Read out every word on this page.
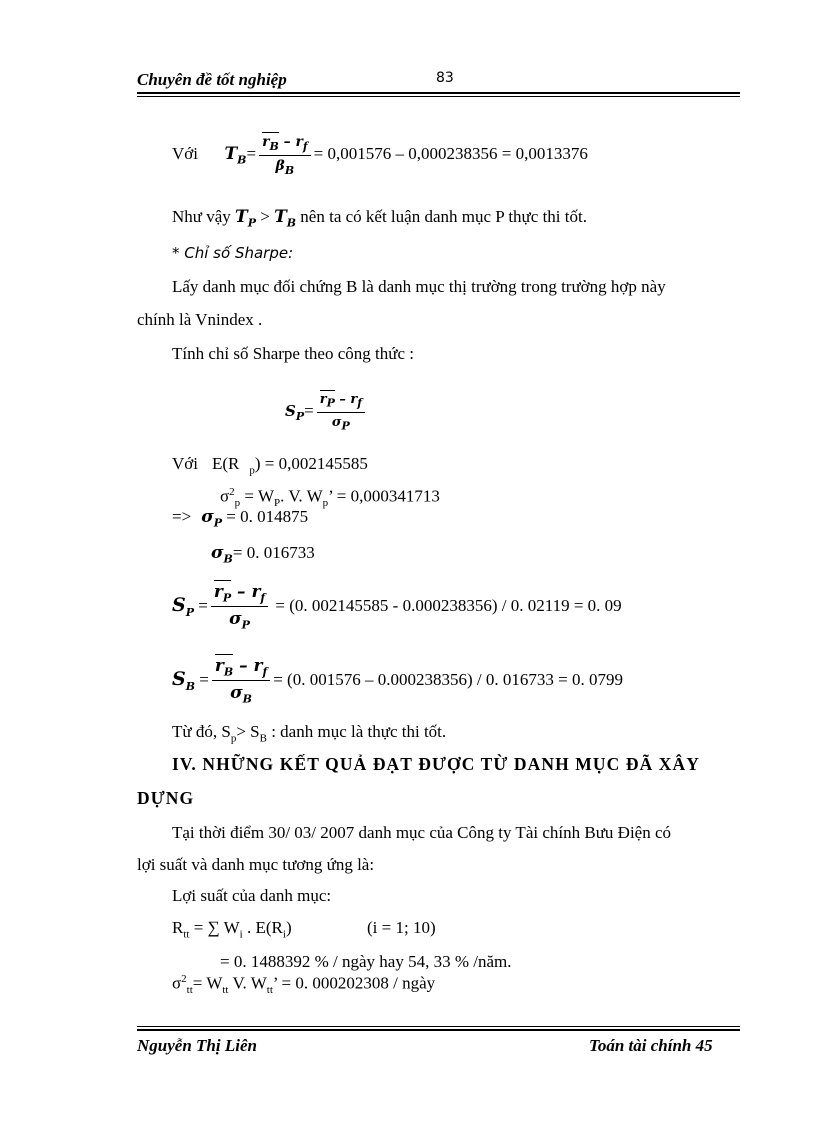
Chuyên đề tốt nghiệp	83
Với $T_B= \frac{r_B - r_f}{\beta_B} = 0,001576 - 0,000238356 = 0,0013376$
Như vậy $T_P > T_B$ nên ta có kết luận danh mục P thực thi tốt.
* Chỉ số Sharpe:
Lấy danh mục đối chứng B là danh mục thị trường trong trường hợp này
chính là Vnindex .
Tính chỉ số Sharpe theo công thức :
$S_P= \frac{r_P - r_f}{\sigma_P}$
Với E(R $_p$) = 0,002145585
$\sigma^2_p = W_P$. V. $W_p$’ = 0,000341713
=> $\sigma_P = 0$. 014875
$\sigma_B= 0$. 016733
$S_P = \frac{r_P - r_f}{\sigma_P} = (0$. 002145585 - 0.000238356) / 0. 02119 = 0. 09
$S_B = \frac{r_B - r_f}{\sigma_B} = (0$. 001576 – 0.000238356) / 0. 016733 = 0. 0799
Từ đó, $S_p> S_B$ : danh mục là thực thi tốt.
IV. NHỮNG KẾT QUẢ ĐẠT ĐƯỢC TỪ DANH MỤC ĐÃ XÂY
DỰNG
Tại thời điểm 30/ 03/ 2007 danh mục của Công ty Tài chính Bưu Điện có
lợi suất và danh mục tương ứng là:
Lợi suất của danh mục:
$R_{tt}$ = ∑ $W_i$ . $E(R_i)$	(i = 1; 10)
= 0. 1488392 % / ngày hay 54, 33 % /năm.
$\sigma^2_{tt}= W_{tt}$ V. $W_{tt}$’ = 0. 000202308 / ngày
Nguyễn Thị Liên	Toán tài chính 45
